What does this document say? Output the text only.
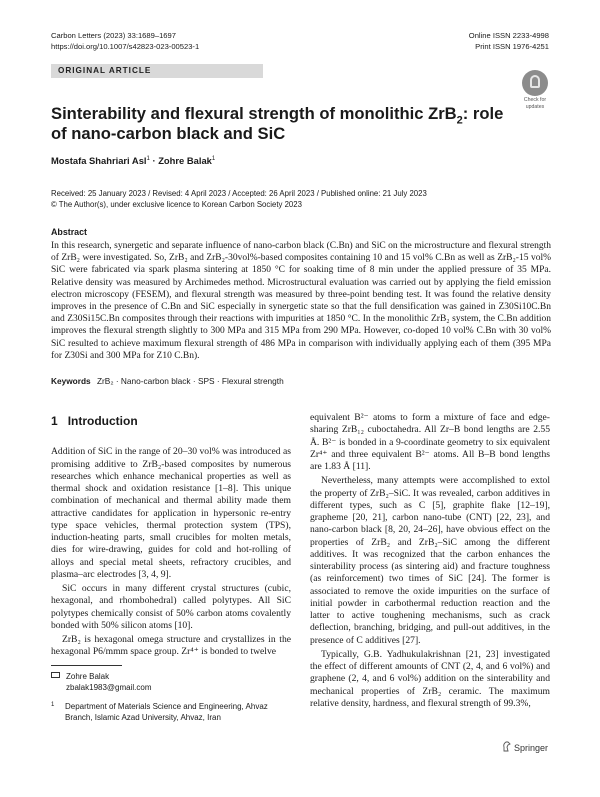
Carbon Letters (2023) 33:1689–1697
https://doi.org/10.1007/s42823-023-00523-1
Online ISSN 2233-4998
Print ISSN 1976-4251
ORIGINAL ARTICLE
Check for
updates
Sinterability and flexural strength of monolithic ZrB$_2$: role of nano-carbon black and SiC
Mostafa Shahriari Asl$^1$ · Zohre Balak$^1$
Received: 25 January 2023 / Revised: 4 April 2023 / Accepted: 26 April 2023 / Published online: 21 July 2023
© The Author(s), under exclusive licence to Korean Carbon Society 2023
Abstract
In this research, synergetic and separate influence of nano-carbon black (C.Bn) and SiC on the microstructure and flexural strength of ZrB₂ were investigated. So, ZrB₂ and ZrB₂-30vol%-based composites containing 10 and 15 vol% C.Bn as well as ZrB₂-15 vol% SiC were fabricated via spark plasma sintering at 1850 °C for soaking time of 8 min under the applied pressure of 35 MPa. Relative density was measured by Archimedes method. Microstructural evaluation was carried out by applying the field emission electron microscopy (FESEM), and flexural strength was measured by three-point bending test. It was found the relative density improves in the presence of C.Bn and SiC especially in synergetic state so that the full densification was gained in Z30Si10C.Bn and Z30Si15C.Bn composites through their reactions with impurities at 1850 °C. In the monolithic ZrB₂ system, the C.Bn addition improves the flexural strength slightly to 300 MPa and 315 MPa from 290 MPa. However, co-doped 10 vol% C.Bn with 30 vol% SiC resulted to achieve maximum flexural strength of 486 MPa in comparison with individually applying each of them (395 MPa for Z30Si and 300 MPa for Z10 C.Bn).
Keywords ZrB₂ · Nano-carbon black · SPS · Flexural strength
1 Introduction

Addition of SiC in the range of 20–30 vol% was introduced as promising additive to ZrB₂-based composites by numerous researches which enhance mechanical properties as well as thermal shock and oxidation resistance [1–8]. This unique combination of mechanical and thermal ability made them attractive candidates for application in hypersonic re-entry type space vehicles, thermal protection system (TPS), induction-heating parts, small crucibles for molten metals, dies for wire-drawing, guides for cold and hot-rolling of alloys and special metal sheets, refractory crucibles, and plasma–arc electrodes [3, 4, 9].

SiC occurs in many different crystal structures (cubic, hexagonal, and rhombohedral) called polytypes. All SiC polytypes chemically consist of 50% carbon atoms covalently bonded with 50% silicon atoms [10].

ZrB₂ is hexagonal omega structure and crystallizes in the hexagonal P6/mmm space group. Zr⁴⁺ is bonded to twelve

equivalent B²⁻ atoms to form a mixture of face and edge-sharing ZrB₁₂ cuboctahedra. All Zr–B bond lengths are 2.55 Å. B²⁻ is bonded in a 9-coordinate geometry to six equivalent Zr⁴⁺ and three equivalent B²⁻ atoms. All B–B bond lengths are 1.83 Å [11].

Nevertheless, many attempts were accomplished to extol the property of ZrB₂–SiC. It was revealed, carbon additives in different types, such as C [5], graphite flake [12–19], grapheme [20, 21], carbon nano-tube (CNT) [22, 23], and nano-carbon black [8, 20, 24–26], have obvious effect on the properties of ZrB₂ and ZrB₂–SiC among the different additives. It was recognized that the carbon enhances the sinterability process (as sintering aid) and fracture toughness (as reinforcement) two times of SiC [24]. The former is associated to remove the oxide impurities on the surface of initial powder in carbothermal reduction reaction and the latter to active toughening mechanisms, such as crack deflection, branching, bridging, and pull-out additives, in the presence of C additives [27].

Typically, G.B. Yadhukulakrishnan [21, 23] investigated the effect of different amounts of CNT (2, 4, and 6 vol%) and graphene (2, 4, and 6 vol%) addition on the sinterability and mechanical properties of ZrB₂ ceramic. The maximum relative density, hardness, and flexural strength of 99.3%,

Zohre Balak
zbalak1983@gmail.com
1	Department of Materials Science and Engineering, Ahvaz Branch, Islamic Azad University, Ahvaz, Iran
Springer
